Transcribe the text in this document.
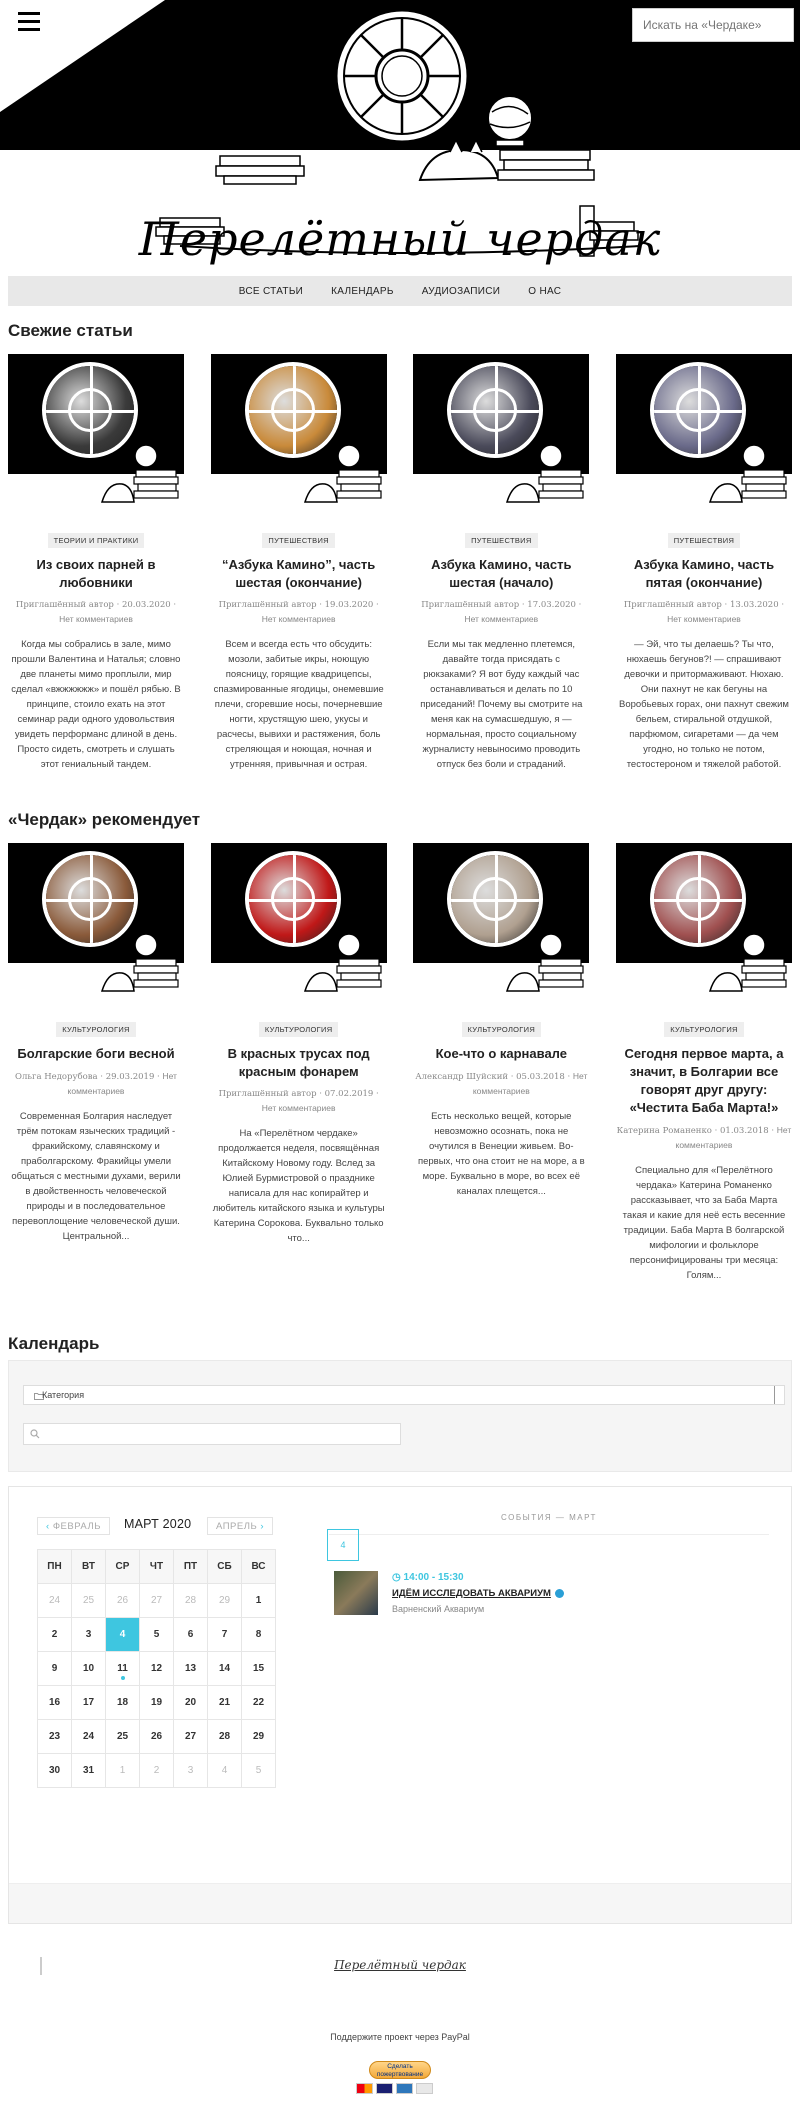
Искать на «Чердаке»
Перелётный чердак
ВСЕ СТАТЬИ	КАЛЕНДАРЬ	АУДИОЗАПИСИ	О НАС
Свежие статьи
ТЕОРИИ И ПРАКТИКИ
Из своих парней в любовники
Приглашённый автор · 20.03.2020 · Нет комментариев
Когда мы собрались в зале, мимо прошли Валентина и Наталья; словно две планеты мимо проплыли, мир сделал «вжжжжжж» и пошёл рябью. В принципе, стоило ехать на этот семинар ради одного удовольствия увидеть перформанс длиной в день. Просто сидеть, смотреть и слушать этот гениальный тандем.
ПУТЕШЕСТВИЯ
“Азбука Камино”, часть шестая (окончание)
Приглашённый автор · 19.03.2020 · Нет комментариев
Всем и всегда есть что обсудить: мозоли, забитые икры, ноющую поясницу, горящие квадрицепсы, спазмированные ягодицы, онемевшие плечи, сгоревшие носы, почерневшие ногти, хрустящую шею, укусы и расчесы, вывихи и растяжения, боль стреляющая и ноющая, ночная и утренняя, привычная и острая.
ПУТЕШЕСТВИЯ
Азбука Камино, часть шестая (начало)
Приглашённый автор · 17.03.2020 · Нет комментариев
Если мы так медленно плетемся, давайте тогда присядать с рюкзаками? Я вот буду каждый час останавливаться и делать по 10 приседаний! Почему вы смотрите на меня как на сумасшедшую, я — нормальная, просто социальному журналисту невыносимо проводить отпуск без боли и страданий.
ПУТЕШЕСТВИЯ
Азбука Камино, часть пятая (окончание)
Приглашённый автор · 13.03.2020 · Нет комментариев
— Эй, что ты делаешь? Ты что, нюхаешь бегунов?! — спрашивают девочки и притормаживают. Нюхаю. Они пахнут не как бегуны на Воробьевых горах, они пахнут свежим бельем, стиральной отдушкой, парфюмом, сигаретами — да чем угодно, но только не потом, тестостероном и тяжелой работой.
«Чердак» рекомендует
КУЛЬТУРОЛОГИЯ
Болгарские боги весной
Ольга Недорубова · 29.03.2019 · Нет комментариев
Современная Болгария наследует трём потокам языческих традиций - фракийскому, славянскому и праболгарскому. Фракийцы умели общаться с местными духами, верили в двойственность человеческой природы и в последовательное перевоплощение человеческой души. Центральной...
КУЛЬТУРОЛОГИЯ
В красных трусах под красным фонарем
Приглашённый автор · 07.02.2019 · Нет комментариев
На «Перелётном чердаке» продолжается неделя, посвящённая Китайскому Новому году. Вслед за Юлией Бурмистровой о празднике написала для нас копирайтер и любитель китайского языка и культуры Катерина Сорокова. Буквально только что...
КУЛЬТУРОЛОГИЯ
Кое-что о карнавале
Александр Шуйский · 05.03.2018 · Нет комментариев
Есть несколько вещей, которые невозможно осознать, пока не очутился в Венеции живьем. Во-первых, что она стоит не на море, а в море. Буквально в море, во всех её каналах плещется...
КУЛЬТУРОЛОГИЯ
Сегодня первое марта, а значит, в Болгарии все говорят друг другу: «Честита Баба Марта!»
Катерина Романенко · 01.03.2018 · Нет комментариев
Специально для «Перелётного чердака» Катерина Романенко рассказывает, что за Баба Марта такая и какие для неё есть весенние традиции. Баба Марта В болгарской мифологии и фольклоре персонифицированы три месяца: Голям...
Календарь
Категория
‹ ФЕВРАЛЬ	МАРТ 2020	АПРЕЛЬ ›
ПН	ВТ	СР	ЧТ	ПТ	СБ	ВС
24	25	26	27	28	29	1
2	3	4	5	6	7	8
9	10	11	12	13	14	15
16	17	18	19	20	21	22
23	24	25	26	27	28	29
30	31	1	2	3	4	5
СОБЫТИЯ — МАРТ
4
◷ 14:00 - 15:30
ИДЁМ ИССЛЕДОВАТЬ АКВАРИУМ
Варненский Аквариум
Перелётный чердак
Поддержите проект через PayPal
Сделать пожертвование
